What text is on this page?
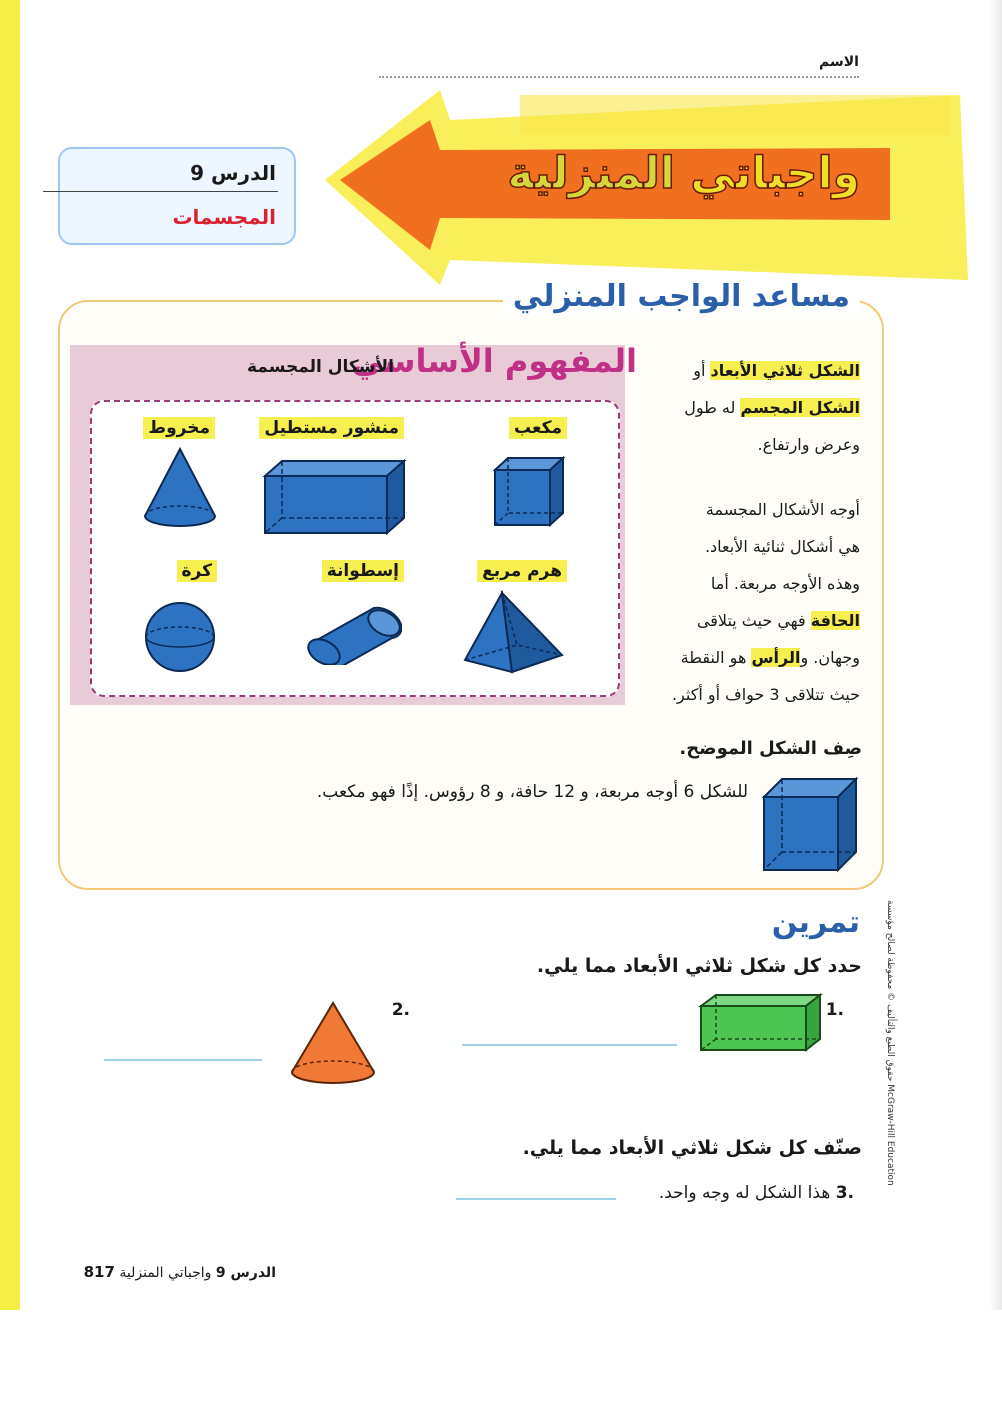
الاسم
واجباتي المنزلية
الدرس 9
المجسمات
مساعد الواجب المنزلي
المفهوم الأساسي
الأشكال المجسمة
مكعب
منشور مستطيل
مخروط
هرم مربع
إسطوانة
كرة
الشكل ثلاثي الأبعاد أو
الشكل المجسم له طول
وعرض وارتفاع.
أوجه الأشكال المجسمة
هي أشكال ثنائية الأبعاد.
وهذه الأوجه مربعة. أما
الحافة فهي حيث يتلاقى
وجهان. والرأس هو النقطة
حيث تتلاقى 3 حواف أو أكثر.
صِف الشكل الموضح.
للشكل 6 أوجه مربعة، و 12 حافة، و 8 رؤوس. إذًا فهو مكعب.
تمرين
حدد كل شكل ثلاثي الأبعاد مما يلي.
.1
.2
صنّف كل شكل ثلاثي الأبعاد مما يلي.
.3 هذا الشكل له وجه واحد.
حقوق الطبع والتأليف © محفوظة لصالح مؤسسة McGraw-Hill Education
الدرس 9 واجباتي المنزلية 817
